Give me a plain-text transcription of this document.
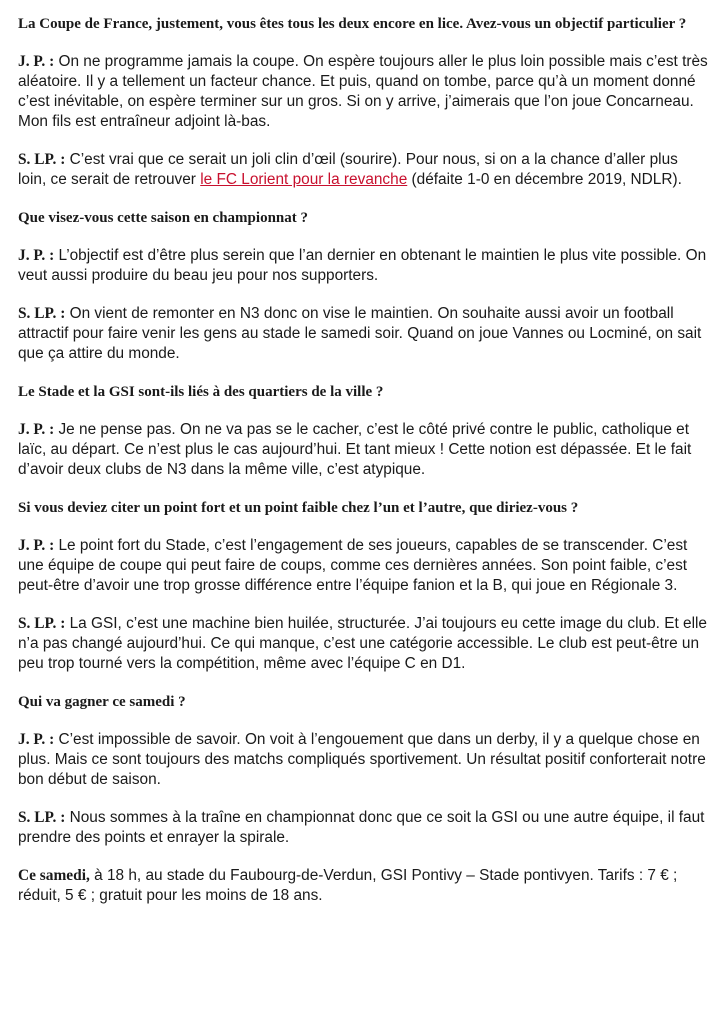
La Coupe de France, justement, vous êtes tous les deux encore en lice. Avez-vous un objectif particulier ?

J. P. : On ne programme jamais la coupe. On espère toujours aller le plus loin possible mais c’est très aléatoire. Il y a tellement un facteur chance. Et puis, quand on tombe, parce qu’à un moment donné c’est inévitable, on espère terminer sur un gros. Si on y arrive, j’aimerais que l’on joue Concarneau. Mon fils est entraîneur adjoint là-bas.

S. LP. : C’est vrai que ce serait un joli clin d’œil (sourire). Pour nous, si on a la chance d’aller plus loin, ce serait de retrouver le FC Lorient pour la revanche (défaite 1-0 en décembre 2019, NDLR).

Que visez-vous cette saison en championnat ?

J. P. : L’objectif est d’être plus serein que l’an dernier en obtenant le maintien le plus vite possible. On veut aussi produire du beau jeu pour nos supporters.

S. LP. : On vient de remonter en N3 donc on vise le maintien. On souhaite aussi avoir un football attractif pour faire venir les gens au stade le samedi soir. Quand on joue Vannes ou Locminé, on sait que ça attire du monde.

Le Stade et la GSI sont-ils liés à des quartiers de la ville ?

J. P. : Je ne pense pas. On ne va pas se le cacher, c’est le côté privé contre le public, catholique et laïc, au départ. Ce n’est plus le cas aujourd’hui. Et tant mieux ! Cette notion est dépassée. Et le fait d’avoir deux clubs de N3 dans la même ville, c’est atypique.

Si vous deviez citer un point fort et un point faible chez l’un et l’autre, que diriez-vous ?

J. P. : Le point fort du Stade, c’est l’engagement de ses joueurs, capables de se transcender. C’est une équipe de coupe qui peut faire de coups, comme ces dernières années. Son point faible, c’est peut-être d’avoir une trop grosse différence entre l’équipe fanion et la B, qui joue en Régionale 3.

S. LP. : La GSI, c’est une machine bien huilée, structurée. J’ai toujours eu cette image du club. Et elle n’a pas changé aujourd’hui. Ce qui manque, c’est une catégorie accessible. Le club est peut-être un peu trop tourné vers la compétition, même avec l’équipe C en D1.

Qui va gagner ce samedi ?

J. P. : C’est impossible de savoir. On voit à l’engouement que dans un derby, il y a quelque chose en plus. Mais ce sont toujours des matchs compliqués sportivement. Un résultat positif conforterait notre bon début de saison.

S. LP. : Nous sommes à la traîne en championnat donc que ce soit la GSI ou une autre équipe, il faut prendre des points et enrayer la spirale.

Ce samedi, à 18 h, au stade du Faubourg-de-Verdun, GSI Pontivy – Stade pontivyen. Tarifs : 7 € ; réduit, 5 € ; gratuit pour les moins de 18 ans.
